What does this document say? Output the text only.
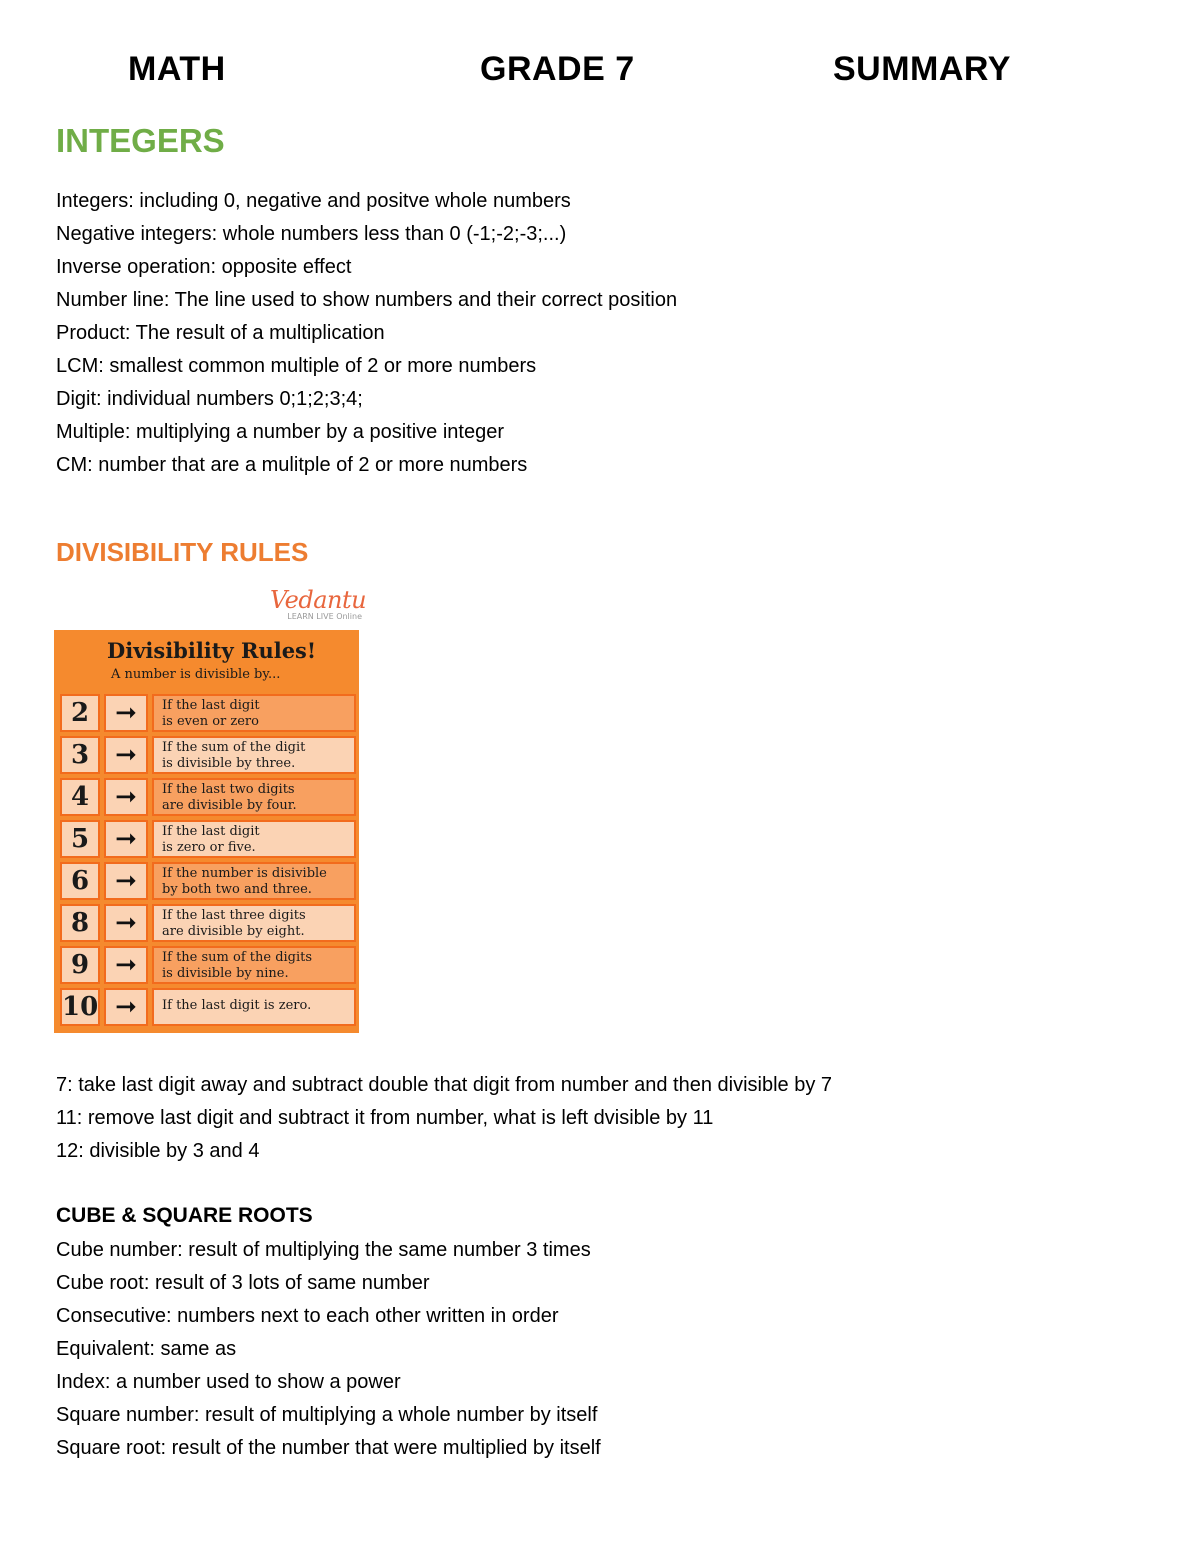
MATH	GRADE 7	SUMMARY
INTEGERS
Integers: including 0, negative and positve whole numbers
Negative integers: whole numbers less than 0 (-1;-2;-3;...)
Inverse operation: opposite effect
Number line: The line used to show numbers and their correct position
Product: The result of a multiplication
LCM: smallest common multiple of 2 or more numbers
Digit: individual numbers 0;1;2;3;4;
Multiple: multiplying a number by a positive integer
CM: number that are a mulitple of 2 or more numbers
DIVISIBILITY RULES
Vedantu
LEARN LIVE Online
Divisibility Rules!
A number is divisible by...
2	➞	If the last digit
is even or zero
3	➞	If the sum of the digit
is divisible by three.
4	➞	If the last two digits
are divisible by four.
5	➞	If the last digit
is zero or five.
6	➞	If the number is disivible
by both two and three.
8	➞	If the last three digits
are divisible by eight.
9	➞	If the sum of the digits
is divisible by nine.
10 ➞	If the last digit is zero.
7: take last digit away and subtract double that digit from number and then divisible by 7
11: remove last digit and subtract it from number, what is left dvisible by 11
12: divisible by 3 and 4
CUBE & SQUARE ROOTS
Cube number: result of multiplying the same number 3 times
Cube root: result of 3 lots of same number
Consecutive: numbers next to each other written in order
Equivalent: same as
Index: a number used to show a power
Square number: result of multiplying a whole number by itself
Square root: result of the number that were multiplied by itself
